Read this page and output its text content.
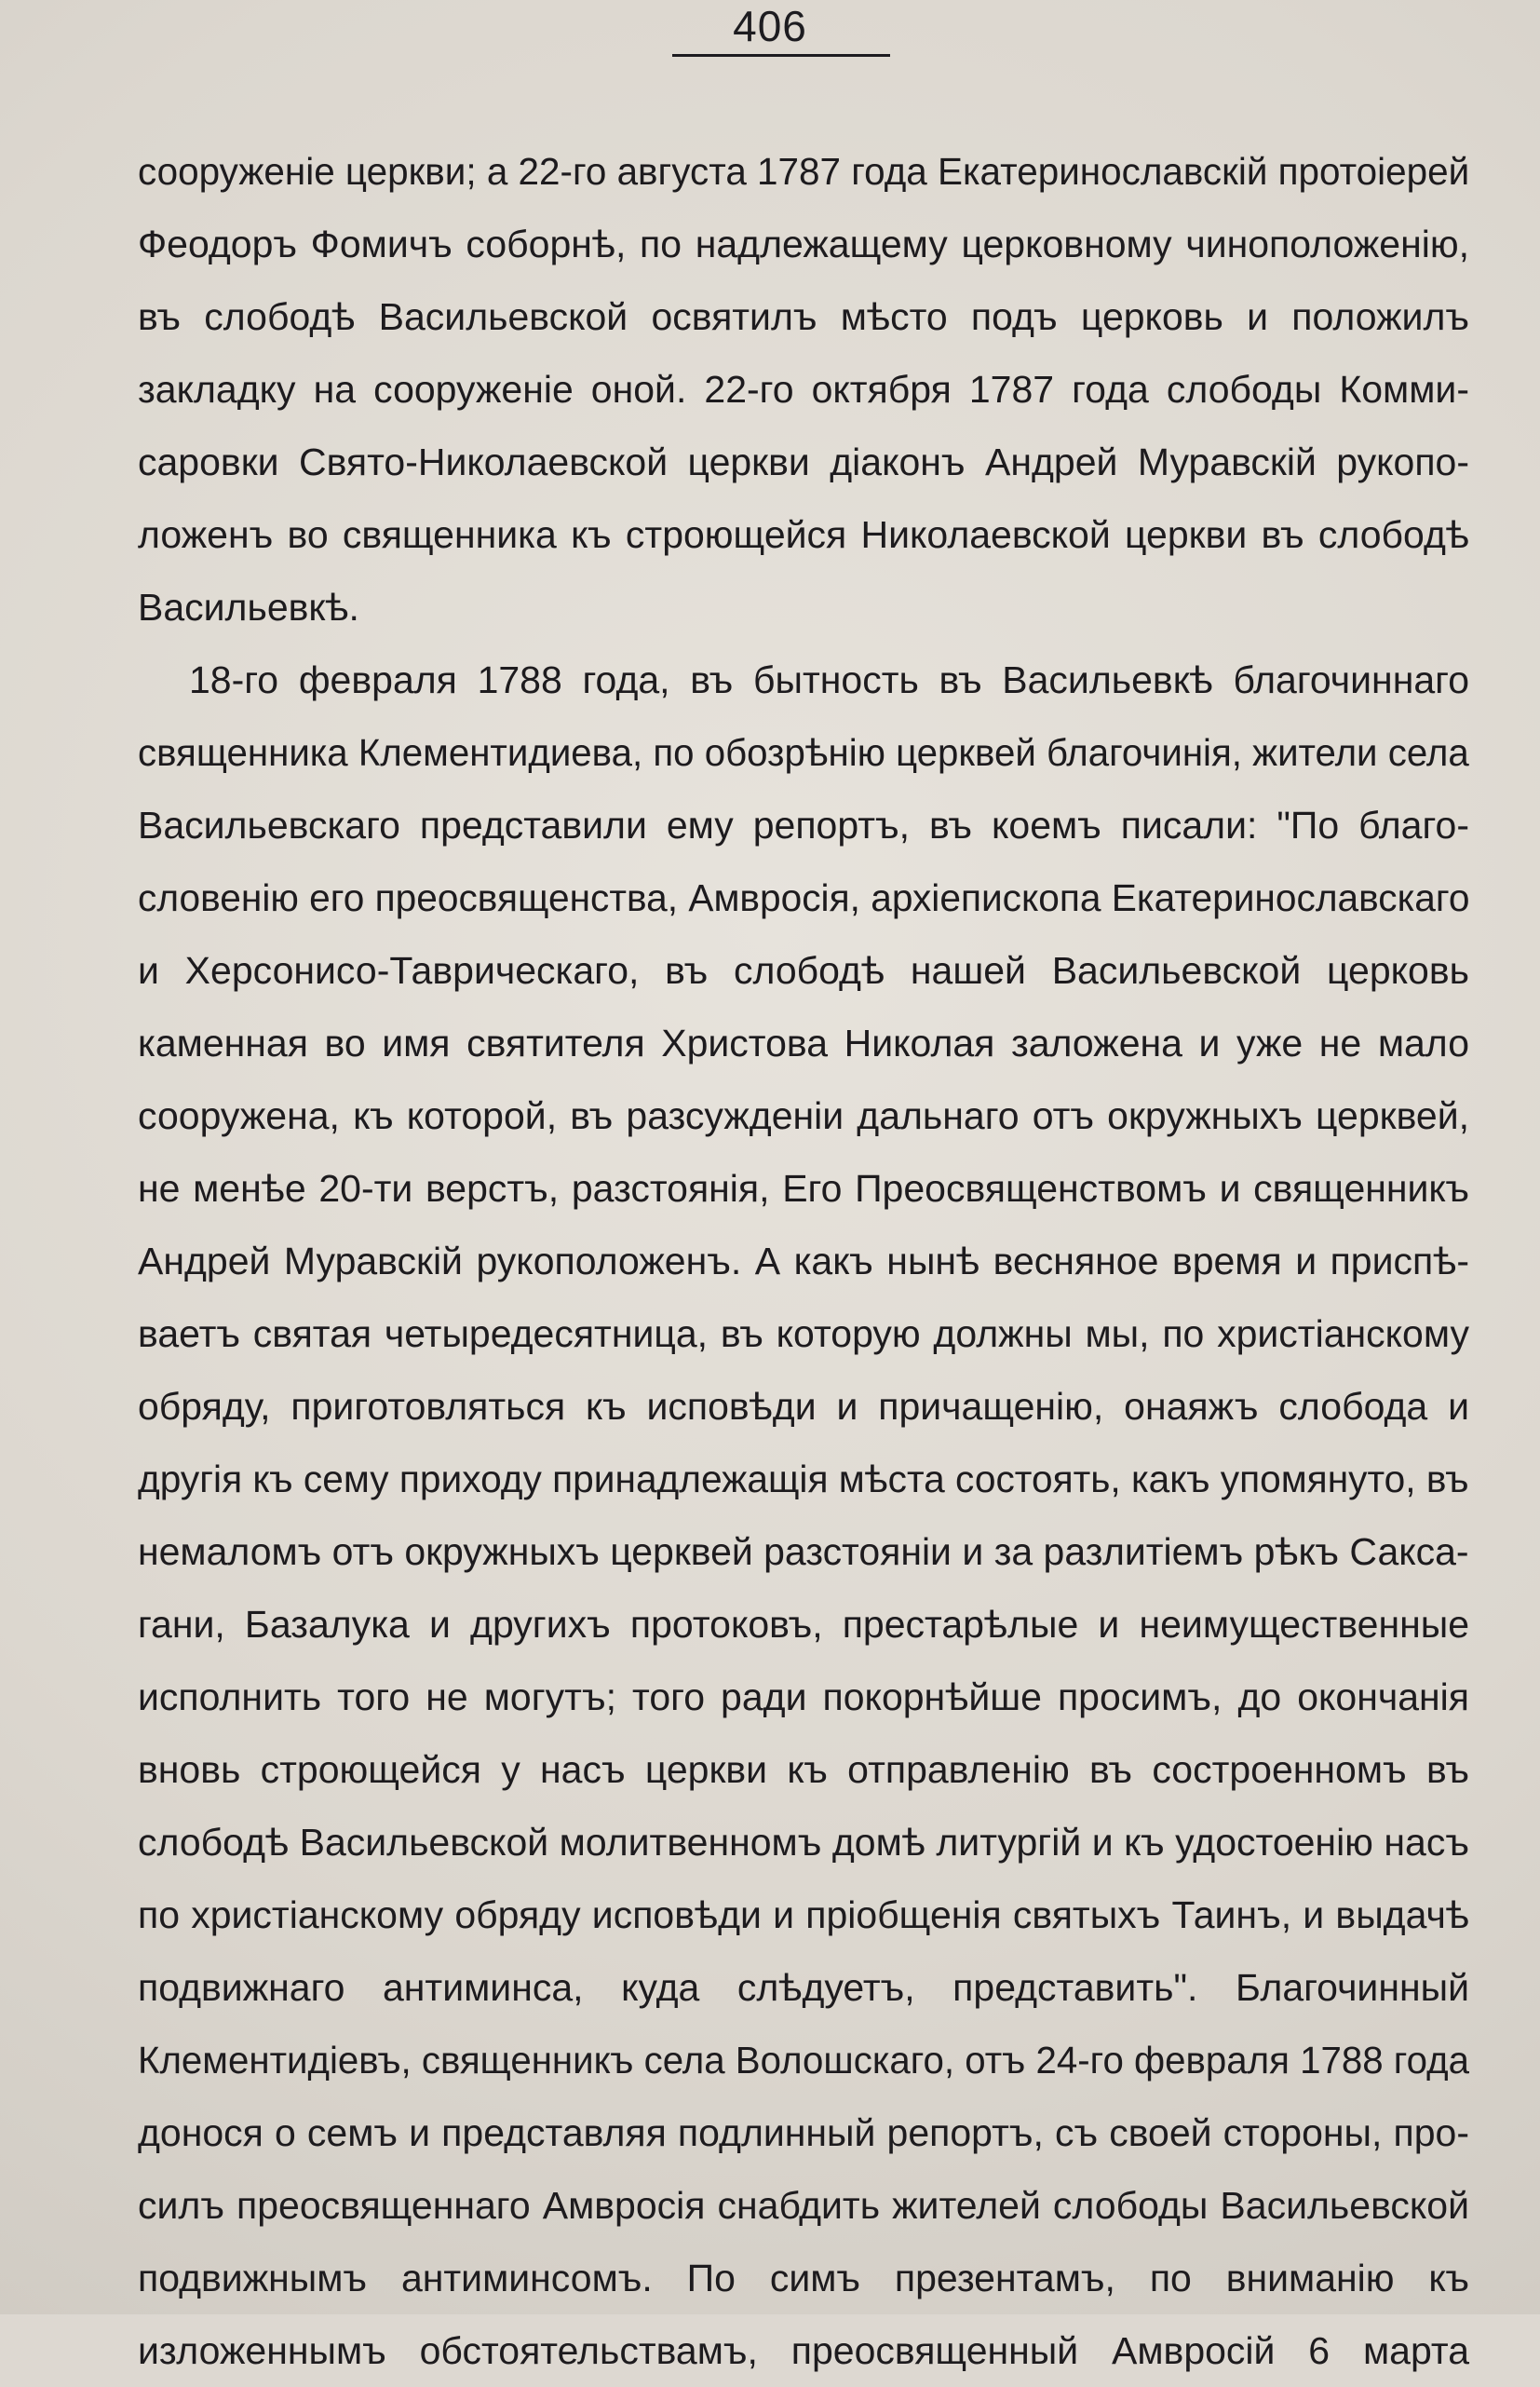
406
сооруженіе церкви; а 22-го августа 1787 года Екатеринославскій протоіерей
Феодоръ Фомичъ соборнѣ, по надлежащему церковному чиноположенію,
въ слободѣ Васильевской освятилъ мѣсто подъ церковь и положилъ
закладку на сооруженіе оной. 22-го октября 1787 года слободы Комми-
саровки Свято-Николаевской церкви діаконъ Андрей Муравскій рукопо-
ложенъ во священника къ строющейся Николаевской церкви въ слободѣ
Васильевкѣ.
18-го февраля 1788 года, въ бытность въ Васильевкѣ благочиннаго
священника Клементидиева, по обозрѣнію церквей благочинія, жители села
Васильевскаго представили ему репортъ, въ коемъ писали: "По благо-
словенію его преосвященства, Амвросія, архіепископа Екатеринославскаго
и Херсонисо-Таврическаго, въ слободѣ нашей Васильевской церковь
каменная во имя святителя Христова Николая заложена и уже не мало
сооружена, къ которой, въ разсужденіи дальнаго отъ окружныхъ церквей,
не менѣе 20-ти верстъ, разстоянія, Его Преосвященствомъ и священникъ
Андрей Муравскій рукоположенъ. А какъ нынѣ весняное время и приспѣ-
ваетъ святая четыредесятница, въ которую должны мы, по христіанскому
обряду, приготовляться къ исповѣди и причащенію, онаяжъ слобода и
другія къ сему приходу принадлежащія мѣста состоять, какъ упомянуто, въ
немаломъ отъ окружныхъ церквей разстояніи и за разлитіемъ рѣкъ Сакса-
гани, Базалука и другихъ протоковъ, престарѣлые и неимущественные
исполнить того не могутъ; того ради покорнѣйше просимъ, до окончанія
вновь строющейся у насъ церкви къ отправленію въ состроенномъ въ
слободѣ Васильевской молитвенномъ домѣ литургій и къ удостоенію насъ
по христіанскому обряду исповѣди и пріобщенія святыхъ Таинъ, и выдачѣ
подвижнаго антиминса, куда слѣдуетъ, представить". Благочинный
Клементидіевъ, священникъ села Волошскаго, отъ 24-го февраля 1788 года
донося о семъ и представляя подлинный репортъ, съ своей стороны, про-
силъ преосвященнаго Амвросія снабдить жителей слободы Васильевской
подвижнымъ антиминсомъ. По симъ презентамъ, по вниманію къ
изложеннымъ обстоятельствамъ, преосвященный Амвросій 6 марта
